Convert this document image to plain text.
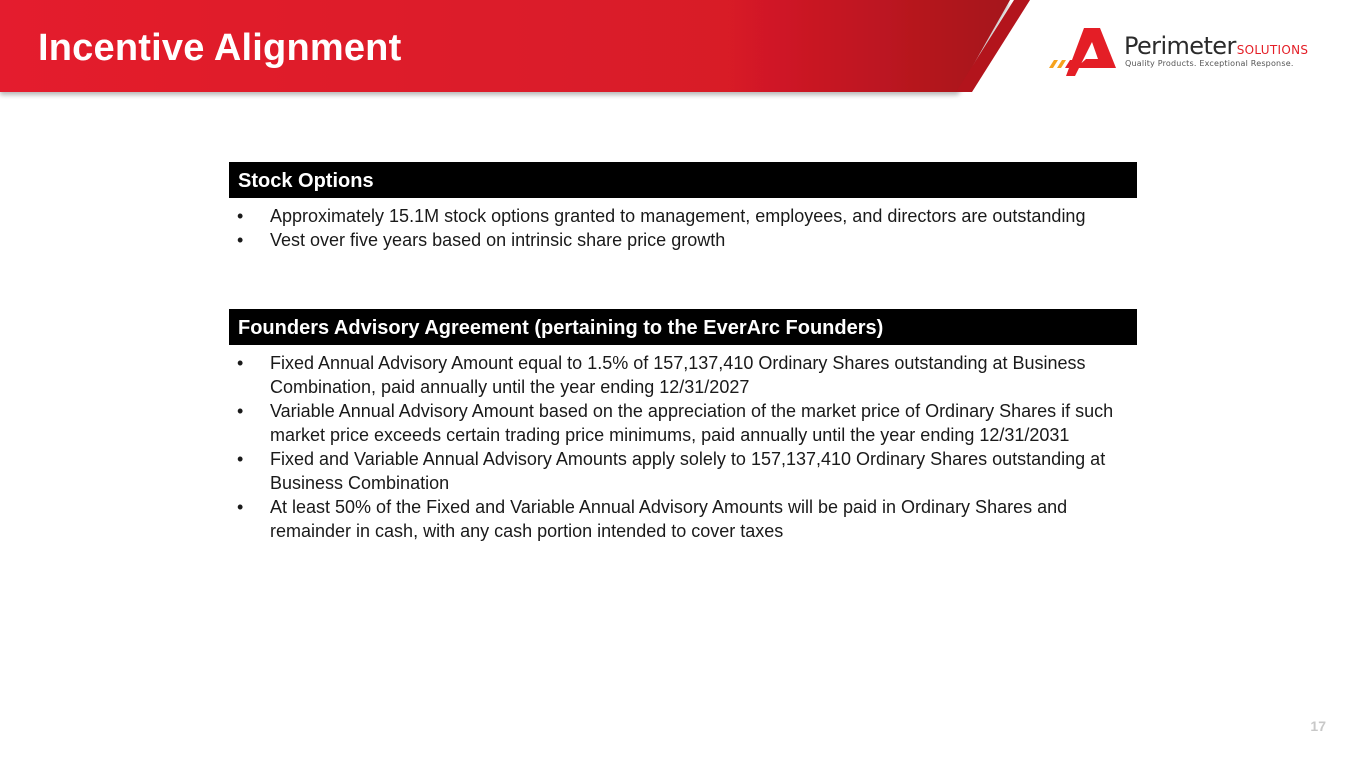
Incentive Alignment	PerimeterSOLUTIONS
Quality Products. Exceptional Response.
Stock Options
• Approximately 15.1M stock options granted to management, employees, and directors are outstanding
• Vest over five years based on intrinsic share price growth
Founders Advisory Agreement (pertaining to the EverArc Founders)
• Fixed Annual Advisory Amount equal to 1.5% of 157,137,410 Ordinary Shares outstanding at Business Combination, paid annually until the year ending 12/31/2027
• Variable Annual Advisory Amount based on the appreciation of the market price of Ordinary Shares if such market price exceeds certain trading price minimums, paid annually until the year ending 12/31/2031
• Fixed and Variable Annual Advisory Amounts apply solely to 157,137,410 Ordinary Shares outstanding at Business Combination
• At least 50% of the Fixed and Variable Annual Advisory Amounts will be paid in Ordinary Shares and remainder in cash, with any cash portion intended to cover taxes
17
